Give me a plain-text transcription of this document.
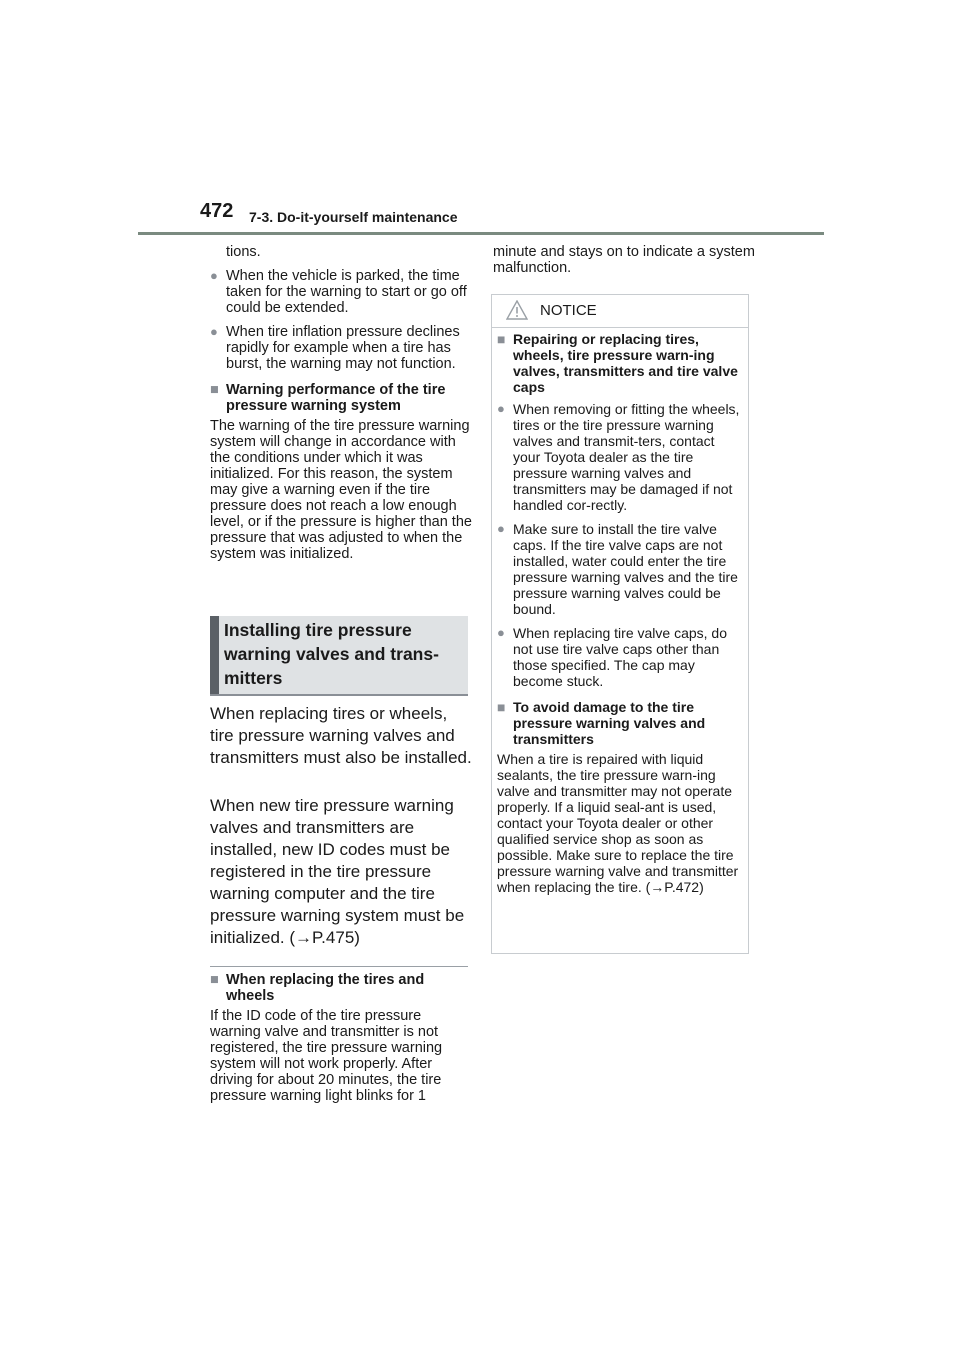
472 7-3. Do-it-yourself maintenance

tions.

● When the vehicle is parked, the time taken for the warning to start or go off could be extended.

● When tire inflation pressure declines rapidly for example when a tire has burst, the warning may not function.

■ Warning performance of the tire pressure warning system

The warning of the tire pressure warning system will change in accordance with the conditions under which it was initialized. For this reason, the system may give a warning even if the tire pressure does not reach a low enough level, or if the pressure is higher than the pressure that was adjusted to when the system was initialized.

Installing tire pressure warning valves and trans-mitters

When replacing tires or wheels, tire pressure warning valves and transmitters must also be installed.

When new tire pressure warning valves and transmitters are installed, new ID codes must be registered in the tire pressure warning computer and the tire pressure warning system must be initialized. (→P.475)

■ When replacing the tires and wheels

If the ID code of the tire pressure warning valve and transmitter is not registered, the tire pressure warning system will not work properly. After driving for about 20 minutes, the tire pressure warning light blinks for 1

minute and stays on to indicate a system malfunction.

NOTICE

■ Repairing or replacing tires, wheels, tire pressure warn-ing valves, transmitters and tire valve caps

● When removing or fitting the wheels, tires or the tire pressure warning valves and transmit-ters, contact your Toyota dealer as the tire pressure warning valves and transmitters may be damaged if not handled cor-rectly.

● Make sure to install the tire valve caps. If the tire valve caps are not installed, water could enter the tire pressure warning valves and the tire pressure warning valves could be bound.

● When replacing tire valve caps, do not use tire valve caps other than those specified. The cap may become stuck.

■ To avoid damage to the tire pressure warning valves and transmitters

When a tire is repaired with liquid sealants, the tire pressure warn-ing valve and transmitter may not operate properly. If a liquid seal-ant is used, contact your Toyota dealer or other qualified service shop as soon as possible. Make sure to replace the tire pressure warning valve and transmitter when replacing the tire. (→P.472)
